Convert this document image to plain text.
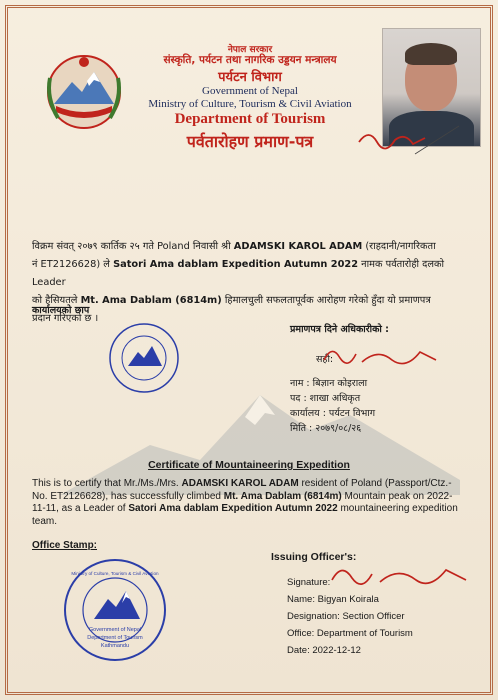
नेपाल सरकार
संस्कृति, पर्यटन तथा नागरिक उड्डयन मन्त्रालय
पर्यटन विभाग
Government of Nepal
Ministry of Culture, Tourism & Civil Aviation
Department of Tourism
पर्वतारोहण प्रमाण-पत्र
विक्रम संवत् २०७९ कार्तिक २५ गते Poland निवासी श्री ADAMSKI KAROL ADAM (राहदानी/नागरिकता
नं ET2126628) ले Satori Ama dablam Expedition Autumn 2022 नामक पर्वतारोही दलको Leader
को हैसियतले Mt. Ama Dablam (6814m) हिमालचुली सफलतापूर्वक आरोहण गरेको हुँदा यो प्रमाणपत्र
प्रदान गरिएको छ ।
कार्यालयको छाप
प्रमाणपत्र दिने अधिकारीको :
सही:
नाम : बिज्ञान कोइराला
पद : शाखा अधिकृत
कार्यालय : पर्यटन विभाग
मिति : २०७९/०८/२६
Certificate of Mountaineering Expedition
This is to certify that Mr./Ms./Mrs. ADAMSKI KAROL ADAM resident of Poland (Passport/Ctz.-
No. ET2126628), has successfully climbed Mt. Ama Dablam (6814m) Mountain peak on 2022-
11-11, as a Leader of Satori Ama dablam Expedition Autumn 2022 mountaineering expedition
team.
Office Stamp:
Government of Nepal
Department of Tourism
Kathmandu
Ministry of Culture, Tourism & Civil Aviation
Issuing Officer's:
Signature:
Name: Bigyan Koirala
Designation: Section Officer
Office: Department of Tourism
Date: 2022-12-12
